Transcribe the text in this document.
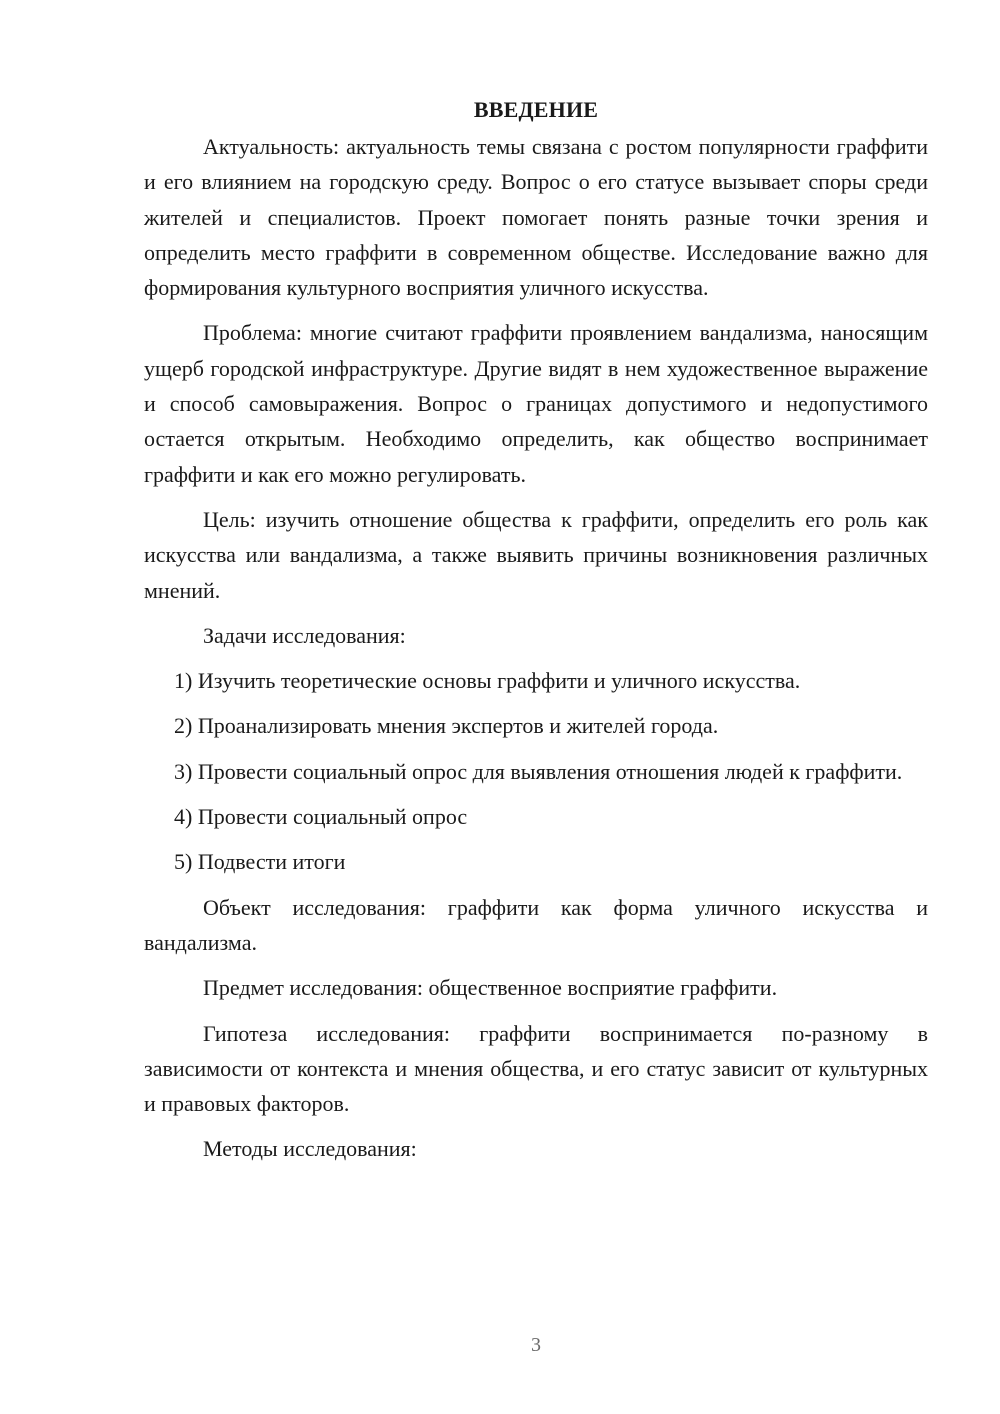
ВВЕДЕНИЕ

Актуальность: актуальность темы связана с ростом популярности граффити и его влиянием на городскую среду. Вопрос о его статусе вызывает споры среди жителей и специалистов. Проект помогает понять разные точки зрения и определить место граффити в современном обществе. Исследование важно для формирования культурного восприятия уличного искусства.

Проблема: многие считают граффити проявлением вандализма, наносящим ущерб городской инфраструктуре. Другие видят в нем художественное выражение и способ самовыражения. Вопрос о границах допустимого и недопустимого остается открытым. Необходимо определить, как общество воспринимает граффити и как его можно регулировать.

Цель: изучить отношение общества к граффити, определить его роль как искусства или вандализма, а также выявить причины возникновения различных мнений.

Задачи исследования:

1) Изучить теоретические основы граффити и уличного искусства.

2) Проанализировать мнения экспертов и жителей города.

3) Провести социальный опрос для выявления отношения людей к граффити.

4) Провести социальный опрос

5) Подвести итоги

Объект исследования: граффити как форма уличного искусства и вандализма.

Предмет исследования: общественное восприятие граффити.

Гипотеза исследования: граффити воспринимается по-разному в зависимости от контекста и мнения общества, и его статус зависит от культурных и правовых факторов.

Методы исследования:

3
